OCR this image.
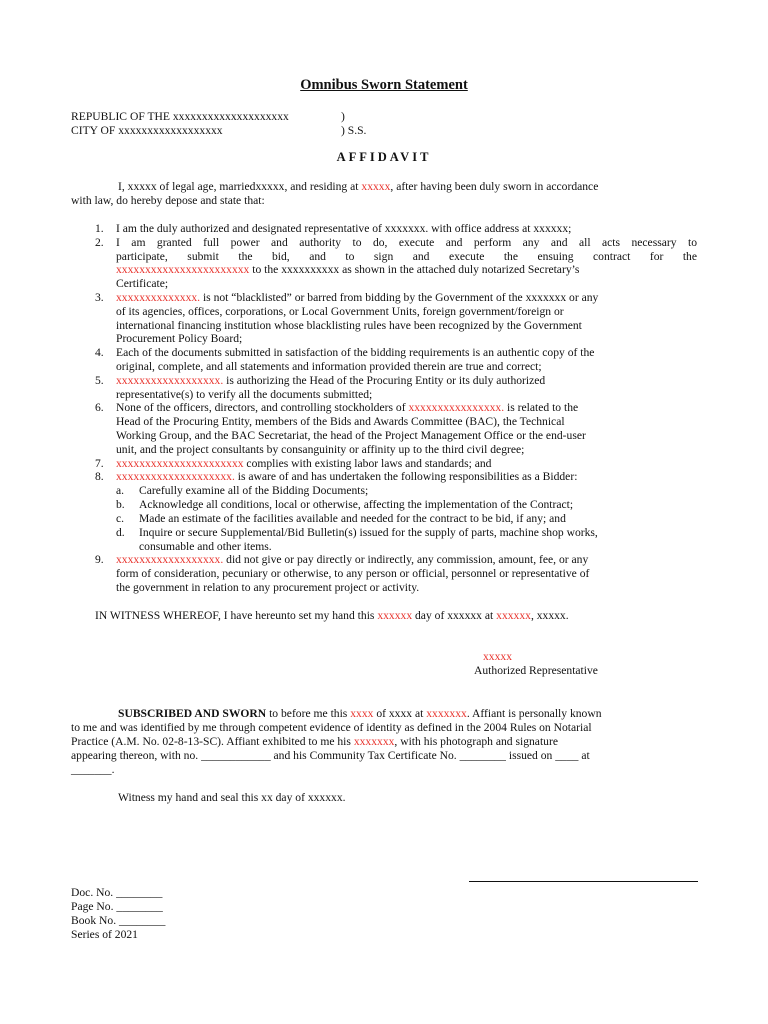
Omnibus Sworn Statement
REPUBLIC OF THE xxxxxxxxxxxxxxxxxxxx	)
CITY OF xxxxxxxxxxxxxxxxxx	) S.S.
AFFIDAVIT
I, xxxxx of legal age, marriedxxxxx, and residing at xxxxx, after having been duly sworn in accordance
with law, do hereby depose and state that:
1. I am the duly authorized and designated representative of xxxxxxx. with office address at xxxxxx;
2. I am granted full power and authority to do, execute and perform any and all acts necessary to
participate, submit the bid, and to sign and execute the ensuing contract for the
xxxxxxxxxxxxxxxxxxxxxxx to the xxxxxxxxxx as shown in the attached duly notarized Secretary’s
Certificate;
3. xxxxxxxxxxxxxx. is not “blacklisted” or barred from bidding by the Government of the xxxxxxx or any
of its agencies, offices, corporations, or Local Government Units, foreign government/foreign or
international financing institution whose blacklisting rules have been recognized by the Government
Procurement Policy Board;
4. Each of the documents submitted in satisfaction of the bidding requirements is an authentic copy of the
original, complete, and all statements and information provided therein are true and correct;
5. xxxxxxxxxxxxxxxxxx. is authorizing the Head of the Procuring Entity or its duly authorized
representative(s) to verify all the documents submitted;
6. None of the officers, directors, and controlling stockholders of xxxxxxxxxxxxxxxx. is related to the
Head of the Procuring Entity, members of the Bids and Awards Committee (BAC), the Technical
Working Group, and the BAC Secretariat, the head of the Project Management Office or the end-user
unit, and the project consultants by consanguinity or affinity up to the third civil degree;
7. xxxxxxxxxxxxxxxxxxxxxx complies with existing labor laws and standards; and
8. xxxxxxxxxxxxxxxxxxxx. is aware of and has undertaken the following responsibilities as a Bidder:
a. Carefully examine all of the Bidding Documents;
b. Acknowledge all conditions, local or otherwise, affecting the implementation of the Contract;
c. Made an estimate of the facilities available and needed for the contract to be bid, if any; and
d. Inquire or secure Supplemental/Bid Bulletin(s) issued for the supply of parts, machine shop works,
consumable and other items.
9. xxxxxxxxxxxxxxxxxx. did not give or pay directly or indirectly, any commission, amount, fee, or any
form of consideration, pecuniary or otherwise, to any person or official, personnel or representative of
the government in relation to any procurement project or activity.
IN WITNESS WHEREOF, I have hereunto set my hand this xxxxxx day of xxxxxx at xxxxxx, xxxxx.
xxxxx
Authorized Representative
SUBSCRIBED AND SWORN to before me this xxxx of xxxx at xxxxxxx. Affiant is personally known
to me and was identified by me through competent evidence of identity as defined in the 2004 Rules on Notarial
Practice (A.M. No. 02-8-13-SC). Affiant exhibited to me his xxxxxxx, with his photograph and signature
appearing thereon, with no. ____________ and his Community Tax Certificate No. ________ issued on ____ at
_______.
Witness my hand and seal this xx day of xxxxxx.
Doc. No. ________
Page No. ________
Book No. ________
Series of 2021
